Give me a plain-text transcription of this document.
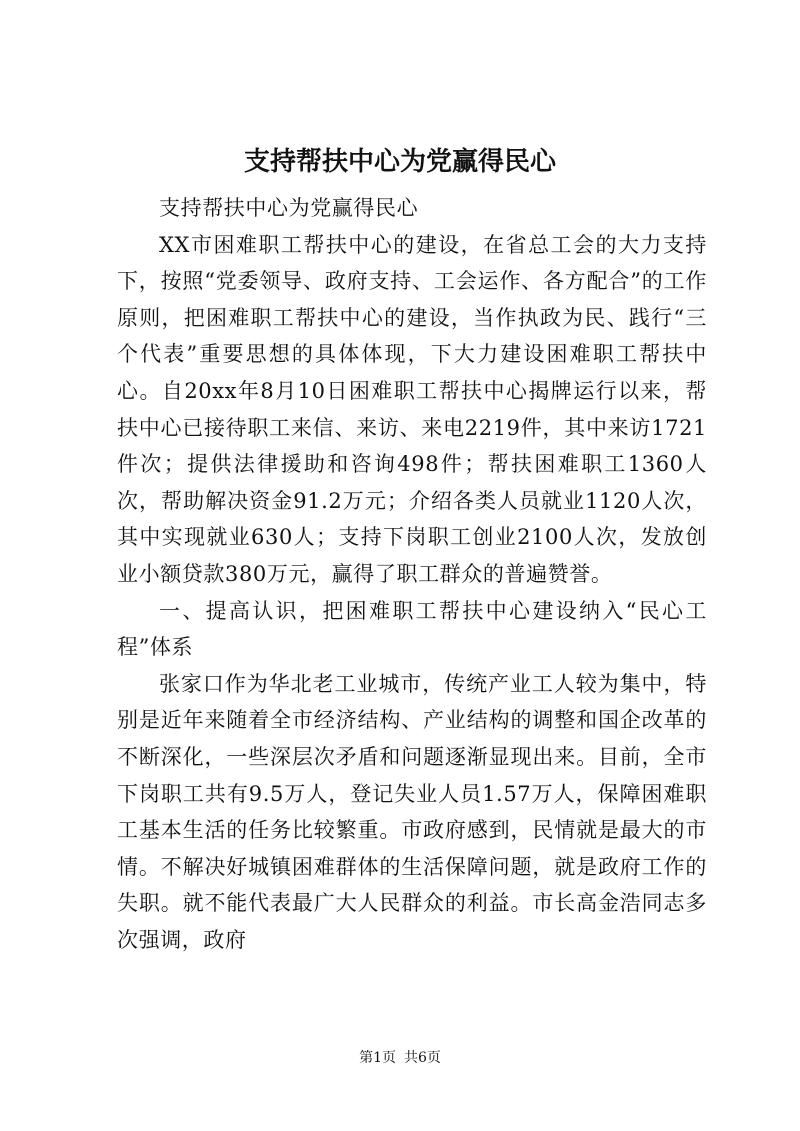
支持帮扶中心为党赢得民心

支持帮扶中心为党赢得民心

XX市困难职工帮扶中心的建设，在省总工会的大力支持下，按照“党委领导、政府支持、工会运作、各方配合”的工作原则，把困难职工帮扶中心的建设，当作执政为民、践行“三个代表”重要思想的具体体现，下大力建设困难职工帮扶中心。自20xx年8月10日困难职工帮扶中心揭牌运行以来，帮扶中心已接待职工来信、来访、来电2219件，其中来访1721件次；提供法律援助和咨询498件；帮扶困难职工1360人次，帮助解决资金91.2万元；介绍各类人员就业1120人次，其中实现就业630人；支持下岗职工创业2100人次，发放创业小额贷款380万元，赢得了职工群众的普遍赞誉。

一、提高认识，把困难职工帮扶中心建设纳入“民心工程”体系

张家口作为华北老工业城市，传统产业工人较为集中，特别是近年来随着全市经济结构、产业结构的调整和国企改革的不断深化，一些深层次矛盾和问题逐渐显现出来。目前，全市下岗职工共有9.5万人，登记失业人员1.57万人，保障困难职工基本生活的任务比较繁重。市政府感到，民情就是最大的市情。不解决好城镇困难群体的生活保障问题，就是政府工作的失职。就不能代表最广大人民群众的利益。市长高金浩同志多次强调，政府

第1页 共6页
